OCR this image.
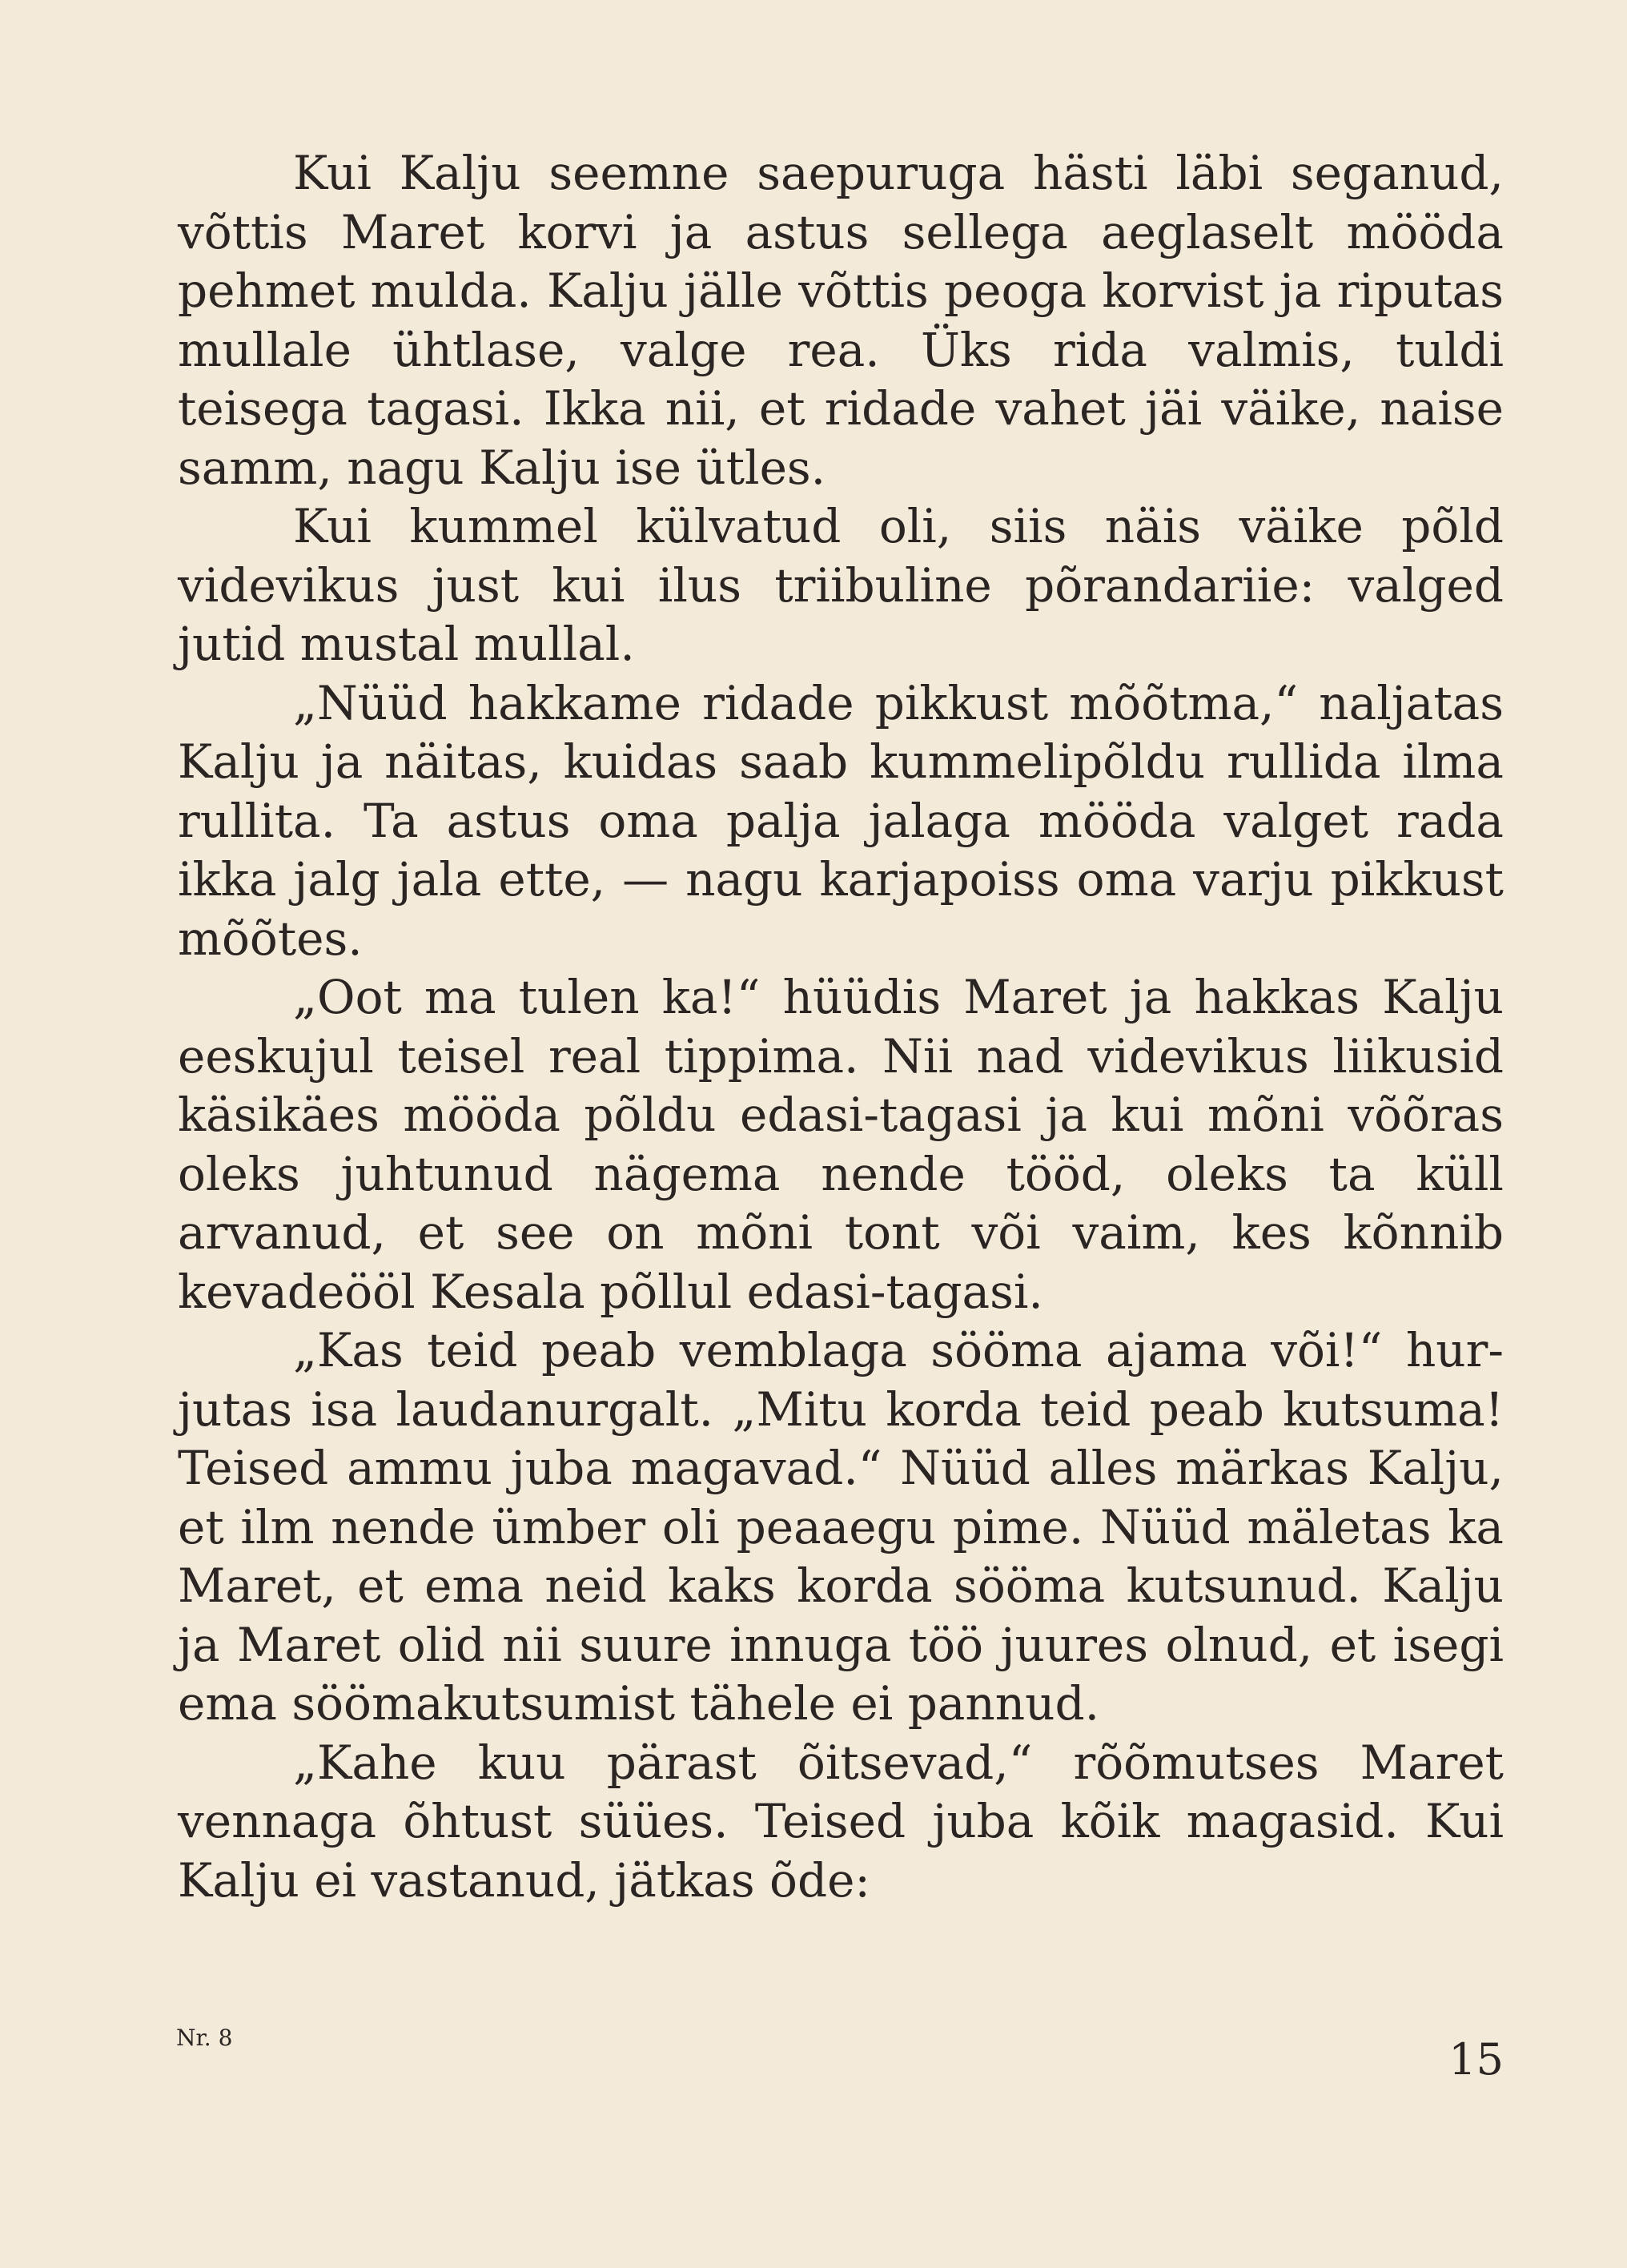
Kui Kalju seemne saepuruga hästi läbi seganud, võttis Maret korvi ja astus sellega aeglaselt mööda pehmet mulda. Kalju jälle võttis peoga korvist ja riputas mullale ühtlase, valge rea. Üks rida valmis, tuldi teisega tagasi. Ikka nii, et ridade vahet jäi väike, naise samm, nagu Kalju ise ütles.

Kui kummel külvatud oli, siis näis väike põld videvikus just kui ilus triibuline põrandariie: valged jutid mustal mullal.

„Nüüd hakkame ridade pikkust mõõtma,“ naljatas Kalju ja näitas, kuidas saab kummelipõldu rullida ilma rullita. Ta astus oma palja jalaga mööda valget rada ikka jalg jala ette, — nagu karjapoiss oma varju pikkust mõõtes.

„Oot ma tulen ka!“ hüüdis Maret ja hakkas Kalju eeskujul teisel real tippima. Nii nad videvikus liikusid käsikäes mööda põldu edasi-tagasi ja kui mõni võõras oleks juhtunud nägema nende tööd, oleks ta küll arvanud, et see on mõni tont või vaim, kes kõnnib kevadeööl Kesala põllul edasi-tagasi.

„Kas teid peab vemblaga sööma ajama või!“ hurjutas isa laudanurgalt. „Mitu korda teid peab kutsuma! Teised ammu juba magavad.“ Nüüd alles märkas Kalju, et ilm nende ümber oli peaaegu pime. Nüüd mäletas ka Maret, et ema neid kaks korda sööma kutsunud. Kalju ja Maret olid nii suure innuga töö juures olnud, et isegi ema söömakutsumist tähele ei pannud.

„Kahe kuu pärast õitsevad,“ rõõmutses Maret vennaga õhtust süües. Teised juba kõik magasid. Kui Kalju ei vastanud, jätkas õde:

Nr. 8	15
